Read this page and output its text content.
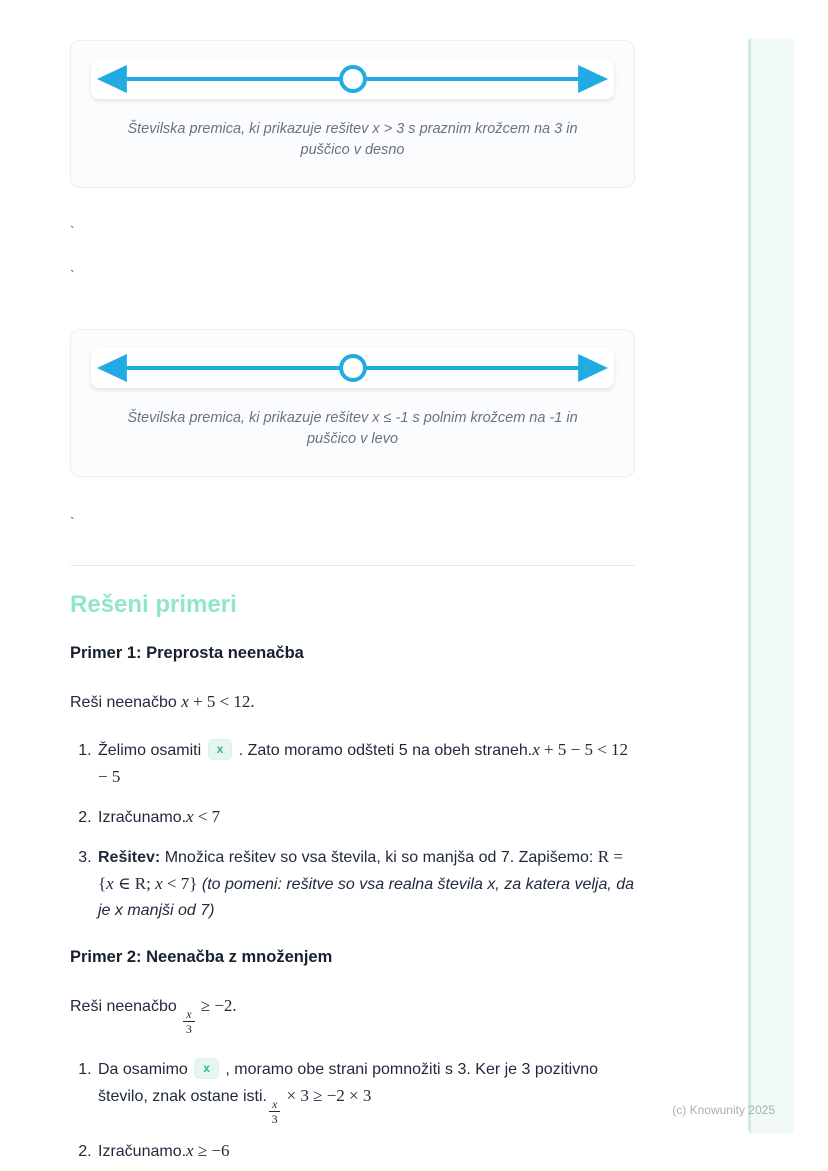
Številska premica, ki prikazuje rešitev x > 3 s praznim krožcem na 3 in puščico v desno

`

`

Številska premica, ki prikazuje rešitev x ≤ -1 s polnim krožcem na -1 in puščico v levo

`

Rešeni primeri
Primer 1: Preprosta neenačba

Reši neenačbo x + 5 < 12.

1. Želimo osamiti x . Zato moramo odšteti 5 na obeh straneh.x + 5 − 5 < 12 − 5
2. Izračunamo.x < 7
3. Rešitev: Množica rešitev so vsa števila, ki so manjša od 7. Zapišemo: R = {x ∈ R; x < 7} (to pomeni: rešitve so vsa realna števila x, za katera velja, da je x manjši od 7)
Primer 2: Neenačba z množenjem

Reši neenačbo
$\frac{x}{3}$
≥ −2.

1. Da osamimo x , moramo obe strani pomnožiti s 3. Ker je 3 pozitivno število, znak ostane isti.
$\frac{x}{3}$
× 3 ≥ −2 × 3
2. Izračunamo.x ≥ −6
(c) Knowunity 2025
